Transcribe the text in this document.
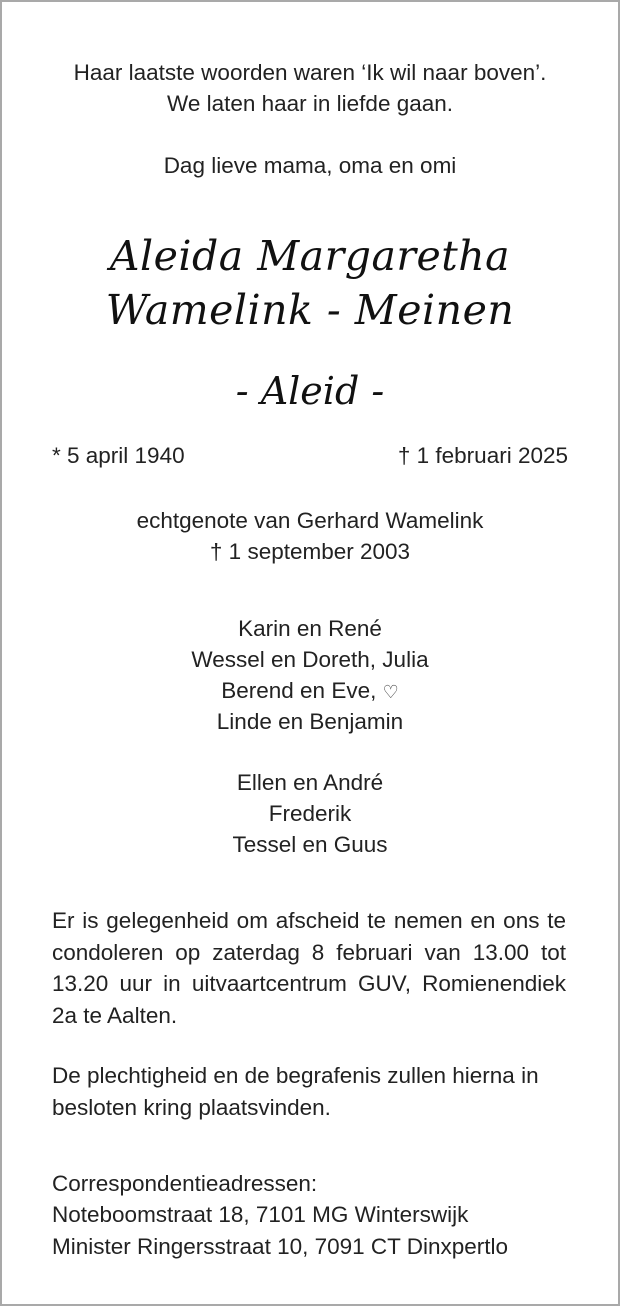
Haar laatste woorden waren ‘Ik wil naar boven’.
We laten haar in liefde gaan.
Dag lieve mama, oma en omi
Aleida Margaretha
Wamelink - Meinen
- Aleid -
* 5 april 1940	† 1 februari 2025
echtgenote van Gerhard Wamelink
† 1 september 2003
Karin en René
Wessel en Doreth, Julia
Berend en Eve, ♡
Linde en Benjamin
Ellen en André
Frederik
Tessel en Guus
Er is gelegenheid om afscheid te nemen en ons te condoleren op zaterdag 8 februari van 13.00 tot 13.20 uur in uitvaartcentrum GUV, Romienendiek 2a te Aalten.
De plechtigheid en de begrafenis zullen hierna in besloten kring plaatsvinden.
Correspondentieadressen:
Noteboomstraat 18, 7101 MG Winterswijk
Minister Ringersstraat 10, 7091 CT Dinxpertlo
